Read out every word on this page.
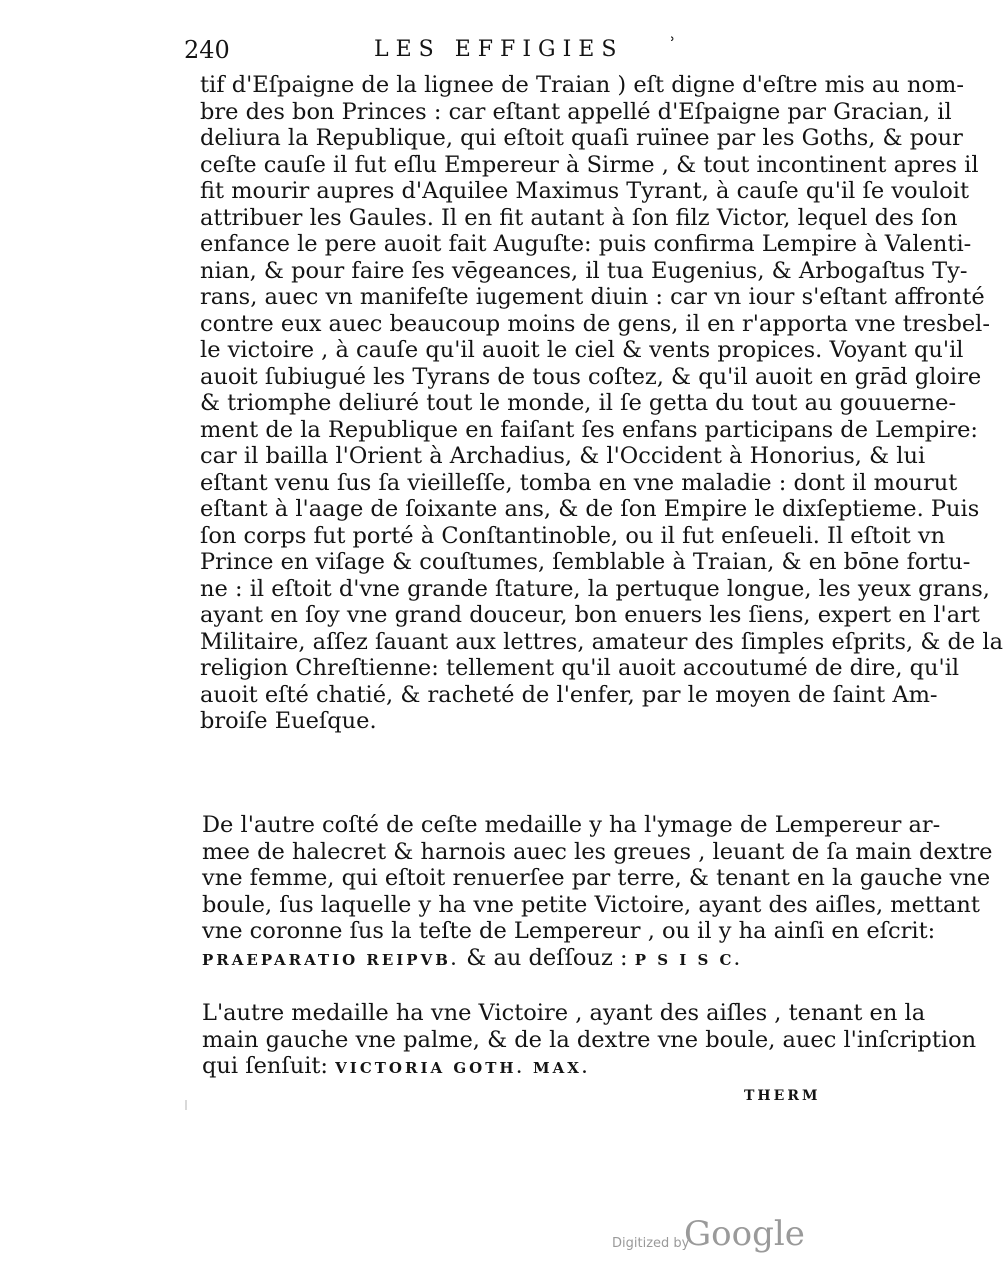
240	LES EFFIGIES	ʾ
tif d'Eſpaigne de la lignee de Traian ) eſt digne d'eſtre mis au nom-
bre des bon Princes : car eſtant appellé d'Eſpaigne par Gracian, il
deliura la Republique, qui eſtoit quaſi ruïnee par les Goths, & pour
ceſte cauſe il fut eſlu Empereur à Sirme , & tout incontinent apres il
fit mourir aupres d'Aquilee Maximus Tyrant, à cauſe qu'il ſe vouloit
attribuer les Gaules. Il en fit autant à ſon filz Victor, lequel des ſon
enfance le pere auoit fait Auguſte: puis confirma Lempire à Valenti-
nian, & pour faire ſes vēgeances, il tua Eugenius, & Arbogaſtus Ty-
rans, auec vn manifeſte iugement diuin : car vn iour s'eſtant affronté
contre eux auec beaucoup moins de gens, il en r'apporta vne tresbel-
le victoire , à cauſe qu'il auoit le ciel & vents propices. Voyant qu'il
auoit ſubiugué les Tyrans de tous coſtez, & qu'il auoit en grād gloire
& triomphe deliuré tout le monde, il ſe getta du tout au gouuerne-
ment de la Republique en faiſant ſes enfans participans de Lempire:
car il bailla l'Orient à Archadius, & l'Occident à Honorius, & lui
eſtant venu ſus ſa vieilleſſe, tomba en vne maladie : dont il mourut
eſtant à l'aage de ſoixante ans, & de ſon Empire le dixſeptieme. Puis
ſon corps fut porté à Conſtantinoble, ou il fut enſeueli. Il eſtoit vn
Prince en viſage & couſtumes, ſemblable à Traian, & en bōne fortu-
ne : il eſtoit d'vne grande ſtature, la pertuque longue, les yeux grans,
ayant en ſoy vne grand douceur, bon enuers les ſiens, expert en l'art
Militaire, aſſez ſauant aux lettres, amateur des ſimples eſprits, & de la
religion Chreſtienne: tellement qu'il auoit accoutumé de dire, qu'il
auoit eſté chatié, & racheté de l'enfer, par le moyen de ſaint Am-
broiſe Eueſque.
De l'autre coſté de ceſte medaille y ha l'ymage de Lempereur ar-
mee de halecret & harnois auec les greues , leuant de ſa main dextre
vne femme, qui eſtoit renuerſee par terre, & tenant en la gauche vne
boule, ſus laquelle y ha vne petite Victoire, ayant des aiſles, mettant
vne coronne ſus la teſte de Lempereur , ou il y ha ainſi en eſcrit:
PRAEPARATIO REIPVB. & au deſſouz : P S I S C.
L'autre medaille ha vne Victoire , ayant des aiſles , tenant en la
main gauche vne palme, & de la dextre vne boule, auec l'inſcription
qui ſenſuit: VICTORIA GOTH. MAX.
THERM
Digitized by
Google
